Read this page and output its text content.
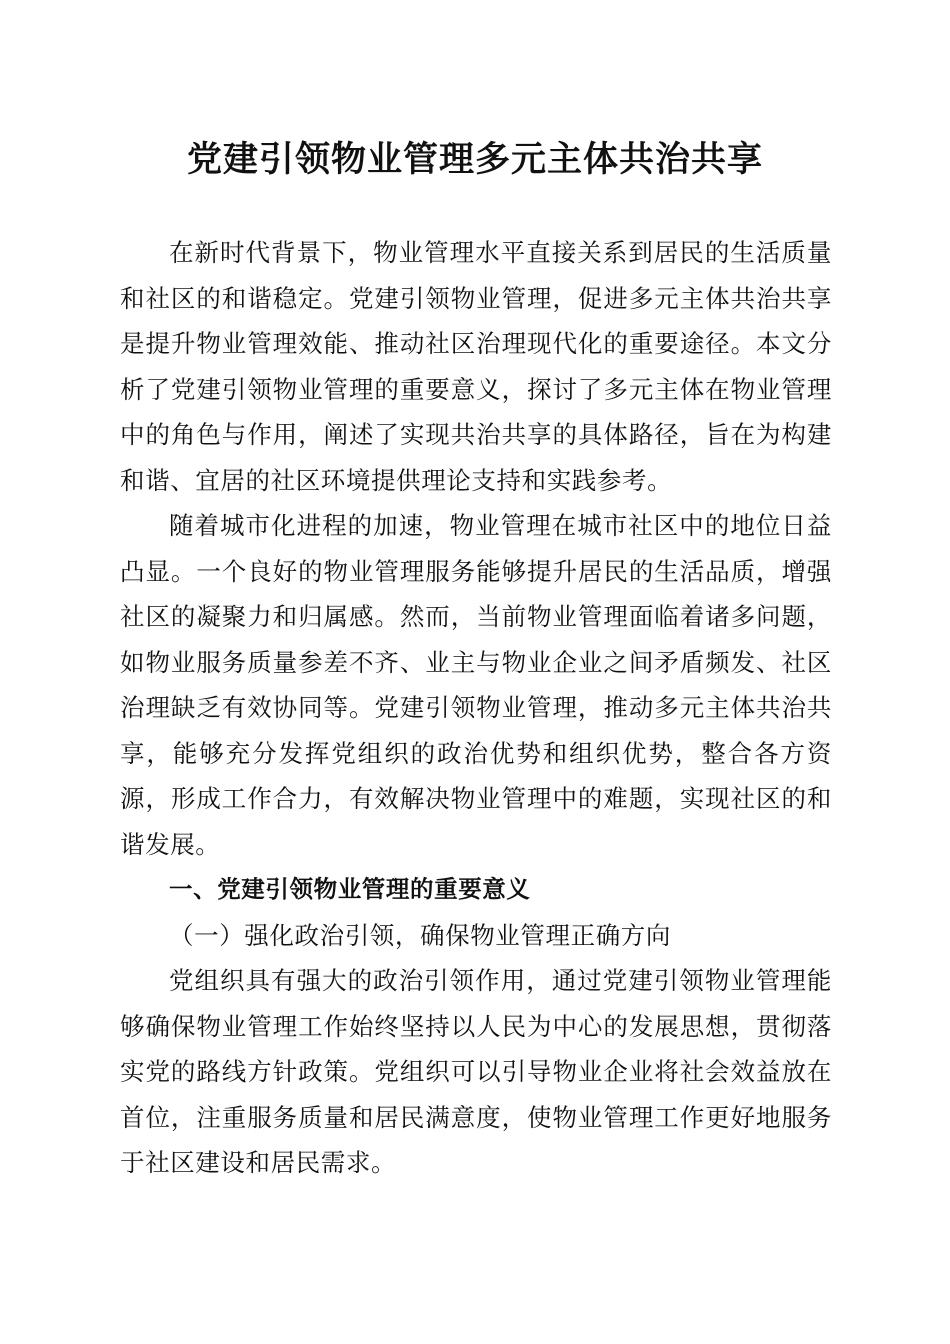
党建引领物业管理多元主体共治共享

在新时代背景下，物业管理水平直接关系到居民的生活质量和社区的和谐稳定。党建引领物业管理，促进多元主体共治共享是提升物业管理效能、推动社区治理现代化的重要途径。本文分析了党建引领物业管理的重要意义，探讨了多元主体在物业管理中的角色与作用，阐述了实现共治共享的具体路径，旨在为构建和谐、宜居的社区环境提供理论支持和实践参考。

随着城市化进程的加速，物业管理在城市社区中的地位日益凸显。一个良好的物业管理服务能够提升居民的生活品质，增强社区的凝聚力和归属感。然而，当前物业管理面临着诸多问题，如物业服务质量参差不齐、业主与物业企业之间矛盾频发、社区治理缺乏有效协同等。党建引领物业管理，推动多元主体共治共享，能够充分发挥党组织的政治优势和组织优势，整合各方资源，形成工作合力，有效解决物业管理中的难题，实现社区的和谐发展。

一、党建引领物业管理的重要意义

（一）强化政治引领，确保物业管理正确方向

党组织具有强大的政治引领作用，通过党建引领物业管理能够确保物业管理工作始终坚持以人民为中心的发展思想，贯彻落实党的路线方针政策。党组织可以引导物业企业将社会效益放在首位，注重服务质量和居民满意度，使物业管理工作更好地服务于社区建设和居民需求。
